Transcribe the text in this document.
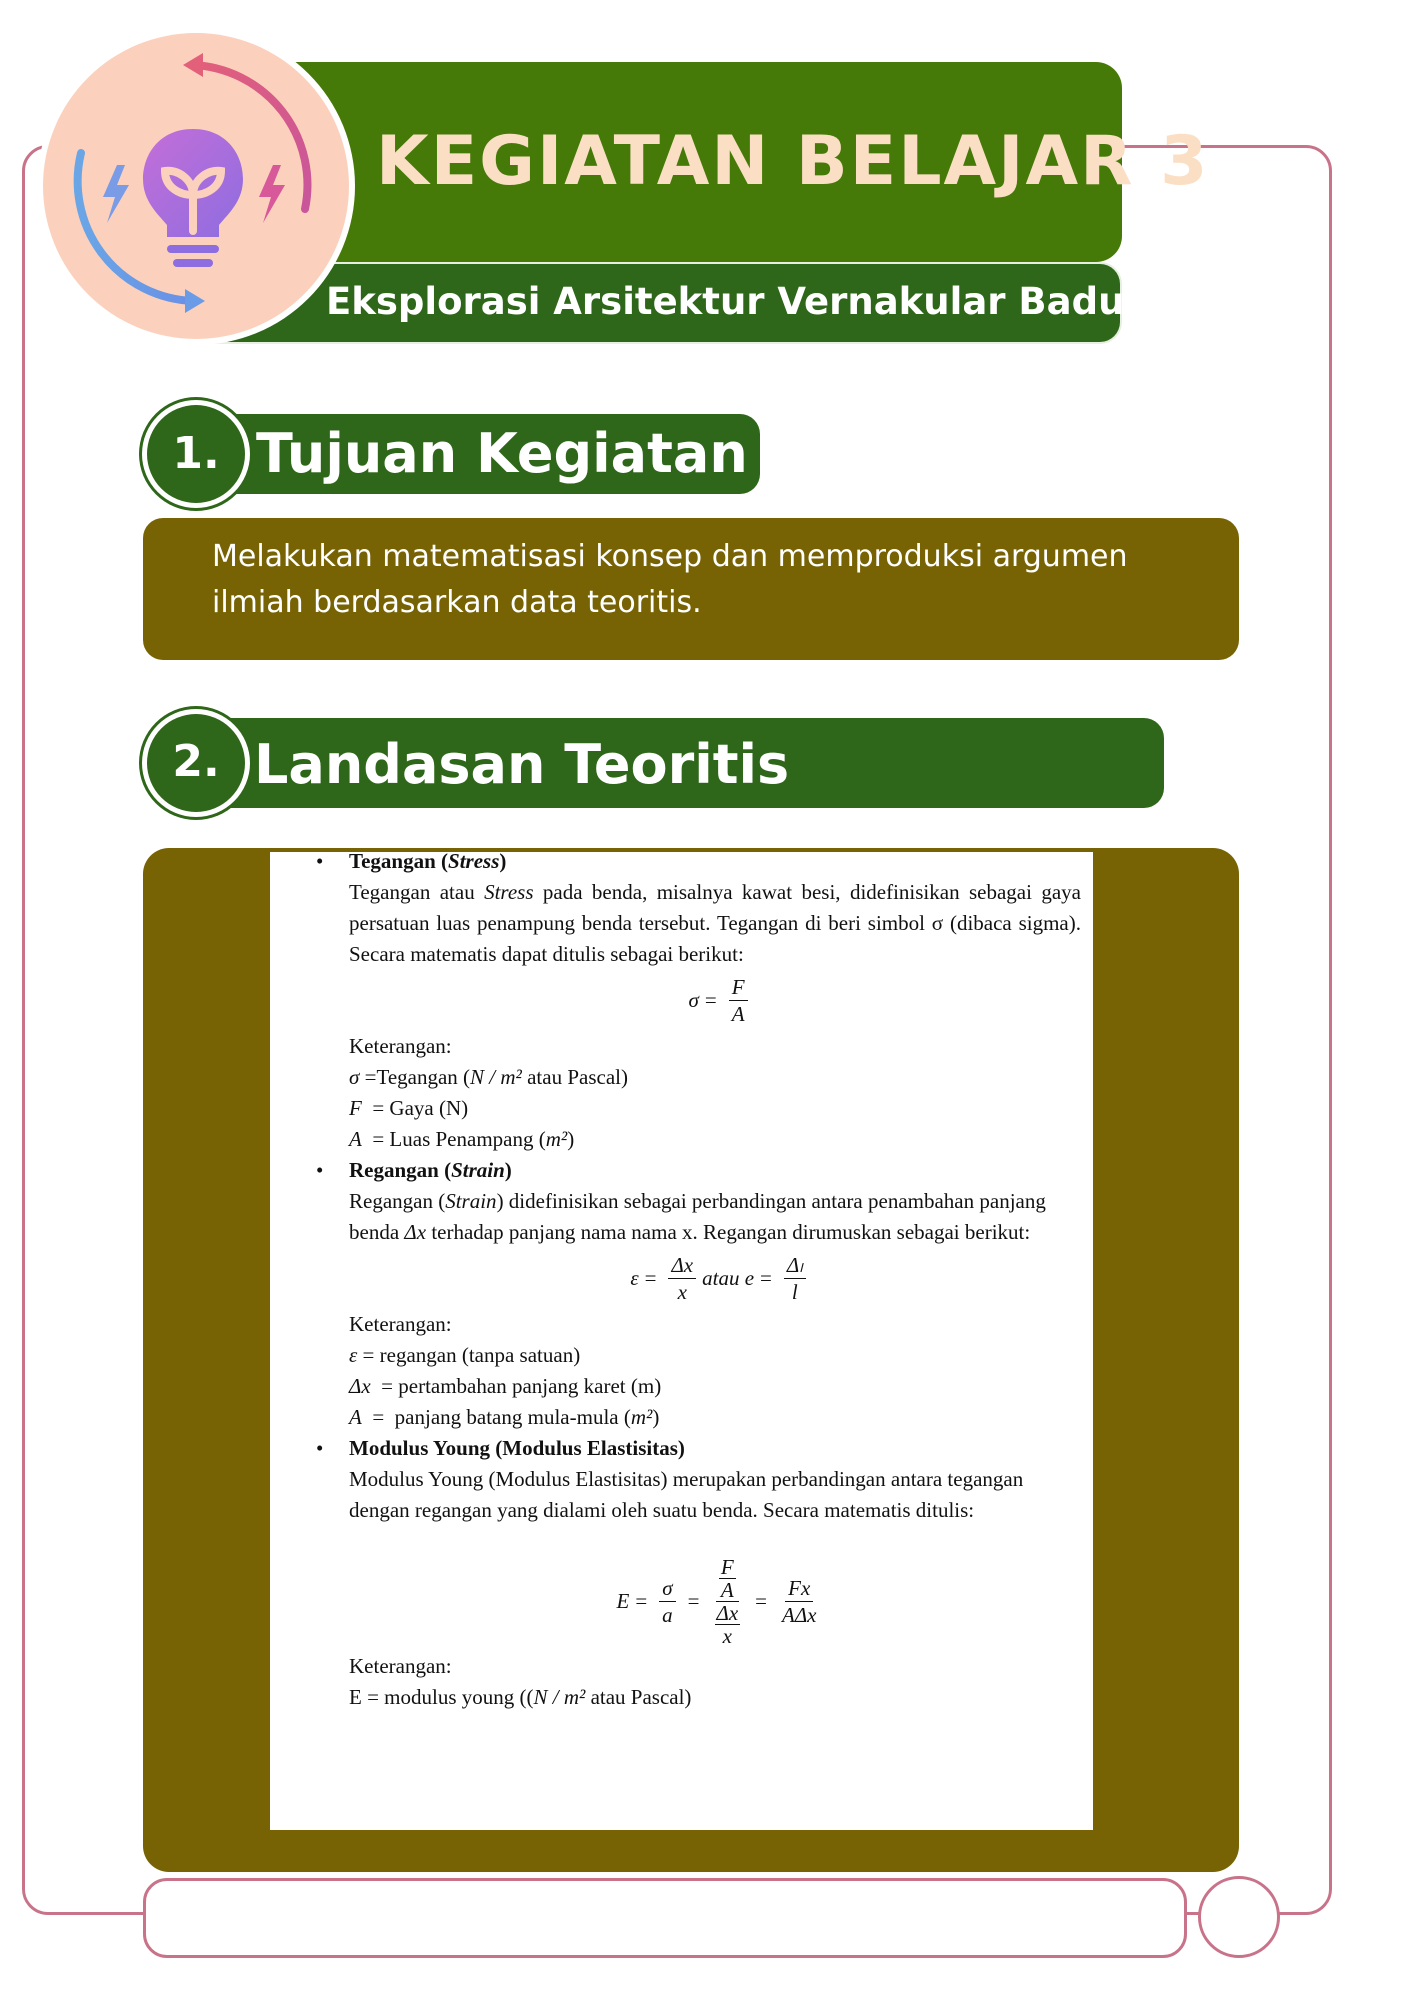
KEGIATAN BELAJAR 3
Eksplorasi Arsitektur Vernakular Baduy
1. Tujuan Kegiatan
Melakukan matematisasi konsep dan memproduksi argumen ilmiah berdasarkan data teoritis.
2. Landasan Teoritis
• Tegangan (Stress)
Tegangan atau Stress pada benda, misalnya kawat besi, didefinisikan sebagai gaya persatuan luas penampung benda tersebut. Tegangan di beri simbol σ (dibaca sigma). Secara matematis dapat ditulis sebagai berikut:
$\sigma = \frac{F}{A}$
Keterangan:
σ =Tegangan (N / m² atau Pascal)
F  = Gaya (N)
A  = Luas Penampang (m²)
• Regangan (Strain)
Regangan (Strain) didefinisikan sebagai perbandingan antara penambahan panjang benda Δx terhadap panjang nama nama x. Regangan dirumuskan sebagai berikut:
$\varepsilon = \frac{\Delta x}{x}$ atau $e = \frac{\text{Δₗ}}{l}$
Keterangan:
ε = regangan (tanpa satuan)
Δx  = pertambahan panjang karet (m)
A  =  panjang batang mula-mula (m²)
• Modulus Young (Modulus Elastisitas)
Modulus Young (Modulus Elastisitas) merupakan perbandingan antara tegangan dengan regangan yang dialami oleh suatu benda. Secara matematis ditulis:
$E = \frac{\sigma}{a} = F$
A
Δx
$x = \frac{Fx}{\text{AΔx}}$
Keterangan:
E = modulus young ((N / m² atau Pascal)
